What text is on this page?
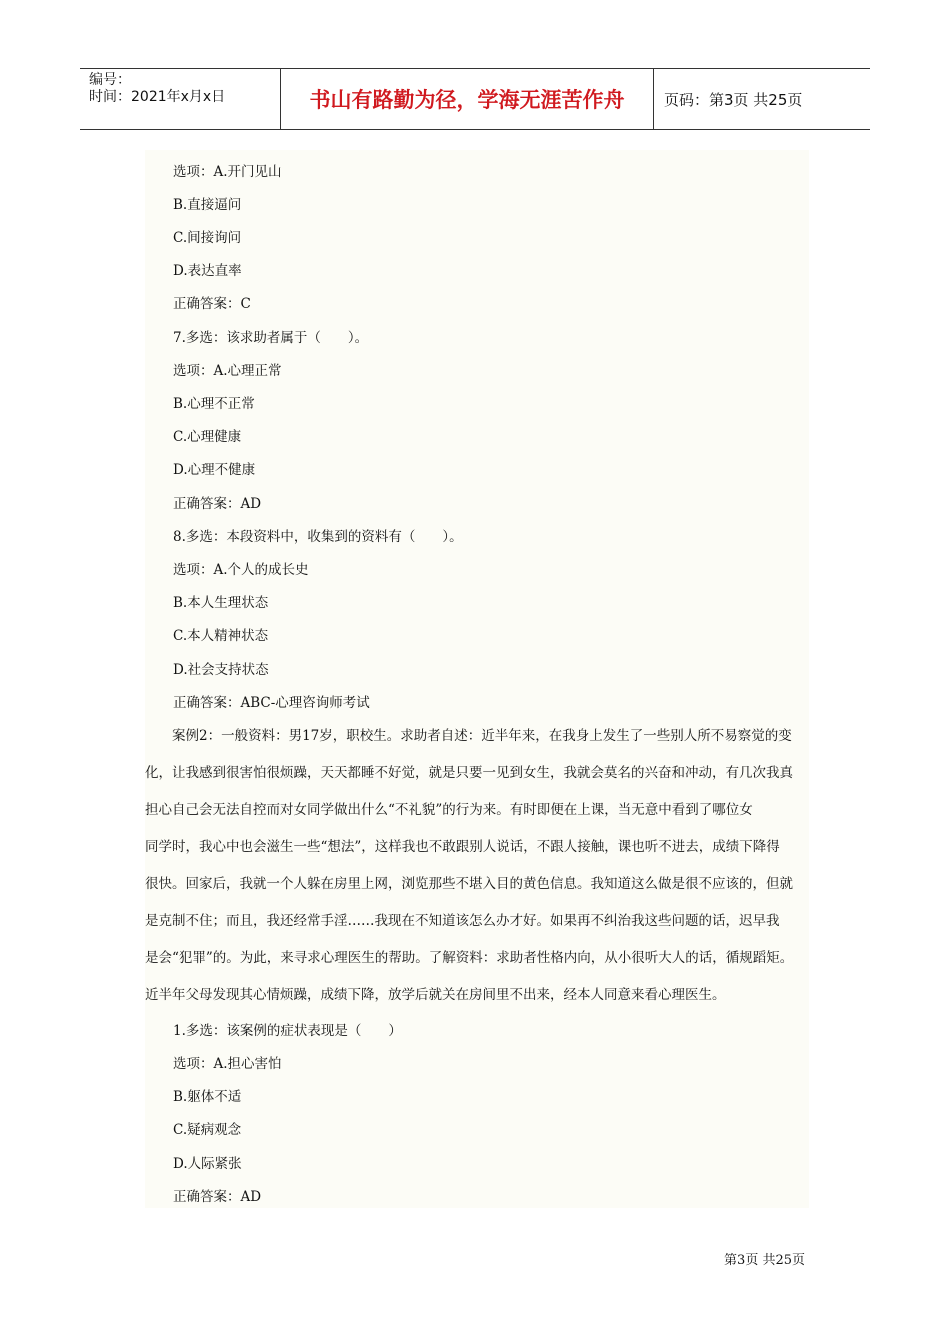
编号：
时间：2021年x月x日	书山有路勤为径，学海无涯苦作舟	页码：第3页 共25页
选项：A.开门见山
B.直接逼问
C.间接询问
D.表达直率
正确答案：C
7.多选：该求助者属于（　　）。
选项：A.心理正常
B.心理不正常
C.心理健康
D.心理不健康
正确答案：AD
8.多选：本段资料中，收集到的资料有（　　）。
选项：A.个人的成长史
B.本人生理状态
C.本人精神状态
D.社会支持状态
正确答案：ABC-心理咨询师考试
　　案例2：一般资料：男17岁，职校生。求助者自述：近半年来，在我身上发生了一些别人所不易察觉的变
化，让我感到很害怕很烦躁，天天都睡不好觉，就是只要一见到女生，我就会莫名的兴奋和冲动，有几次我真
担心自己会无法自控而对女同学做出什么“不礼貌”的行为来。有时即便在上课，当无意中看到了哪位女
同学时，我心中也会滋生一些“想法”，这样我也不敢跟别人说话，不跟人接触，课也听不进去，成绩下降得
很快。回家后，我就一个人躲在房里上网，浏览那些不堪入目的黄色信息。我知道这么做是很不应该的，但就
是克制不住；而且，我还经常手淫……我现在不知道该怎么办才好。如果再不纠治我这些问题的话，迟早我
是会“犯罪”的。为此，来寻求心理医生的帮助。了解资料：求助者性格内向，从小很听大人的话，循规蹈矩。
近半年父母发现其心情烦躁，成绩下降，放学后就关在房间里不出来，经本人同意来看心理医生。
1.多选：该案例的症状表现是（　　）
选项：A.担心害怕
B.躯体不适
C.疑病观念
D.人际紧张
正确答案：AD
第3页 共25页
